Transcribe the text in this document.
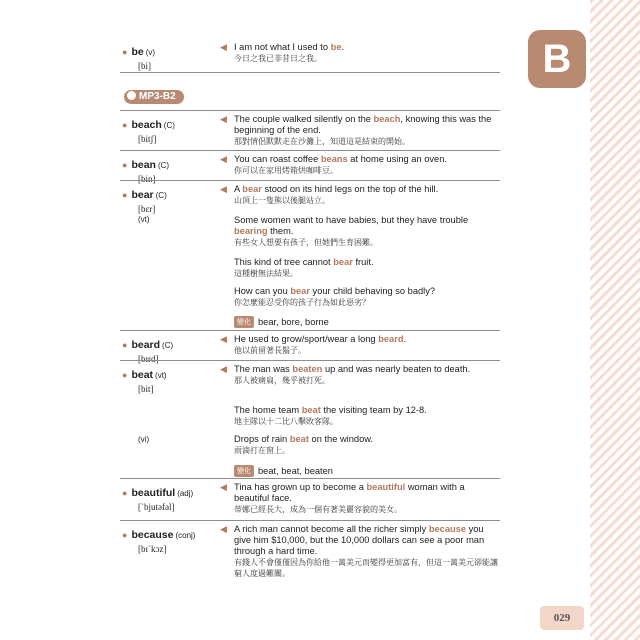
B
029
● be (v)
[bi]
◀ I am not what I used to be.
今日之我已非昔日之我。
MP3-B2
● beach (C)
[bitʃ]
◀ The couple walked silently on the beach, knowing this was the beginning of the end.
那對情侶默默走在沙灘上，知道這是結束的開始。
● bean (C)
[bin]
◀ You can roast coffee beans at home using an oven.
你可以在家用烤箱烘咖啡豆。
● bear (C)
[bɛr]
(vt)
◀ A bear stood on its hind legs on the top of the hill.
山頂上一隻熊以後腿站立。
Some women want to have babies, but they have trouble bearing them.
有些女人想要有孩子，但她們生育困難。
This kind of tree cannot bear fruit.
這種樹無法結果。
How can you bear your child behaving so badly?
你怎麼能忍受你的孩子行為如此惡劣？
變化 bear, bore, borne
● beard (C)
[bɪrd]
◀ He used to grow/sport/wear a long beard.
他以前留著長鬍子。
● beat (vt)
[bit]
(vi)
◀ The man was beaten up and was nearly beaten to death.
那人被痛扁，幾乎被打死。
The home team beat the visiting team by 12-8.
地主隊以十二比八擊敗客隊。
Drops of rain beat on the window.
雨滴打在窗上。
變化 beat, beat, beaten
● beautiful (adj)
[ˋbjutəfəl]
◀ Tina has grown up to become a beautiful woman with a beautiful face.
蒂娜已經長大，成為一個有著美麗容貌的美女。
● because (conj)
[bɪˋkɔz]
◀ A rich man cannot become all the richer simply because you give him $10,000, but the 10,000 dollars can see a poor man through a hard time.
有錢人不會僅僅因為你給他一萬美元而變得更加富有，但這一萬美元卻能讓窮人度過難關。
